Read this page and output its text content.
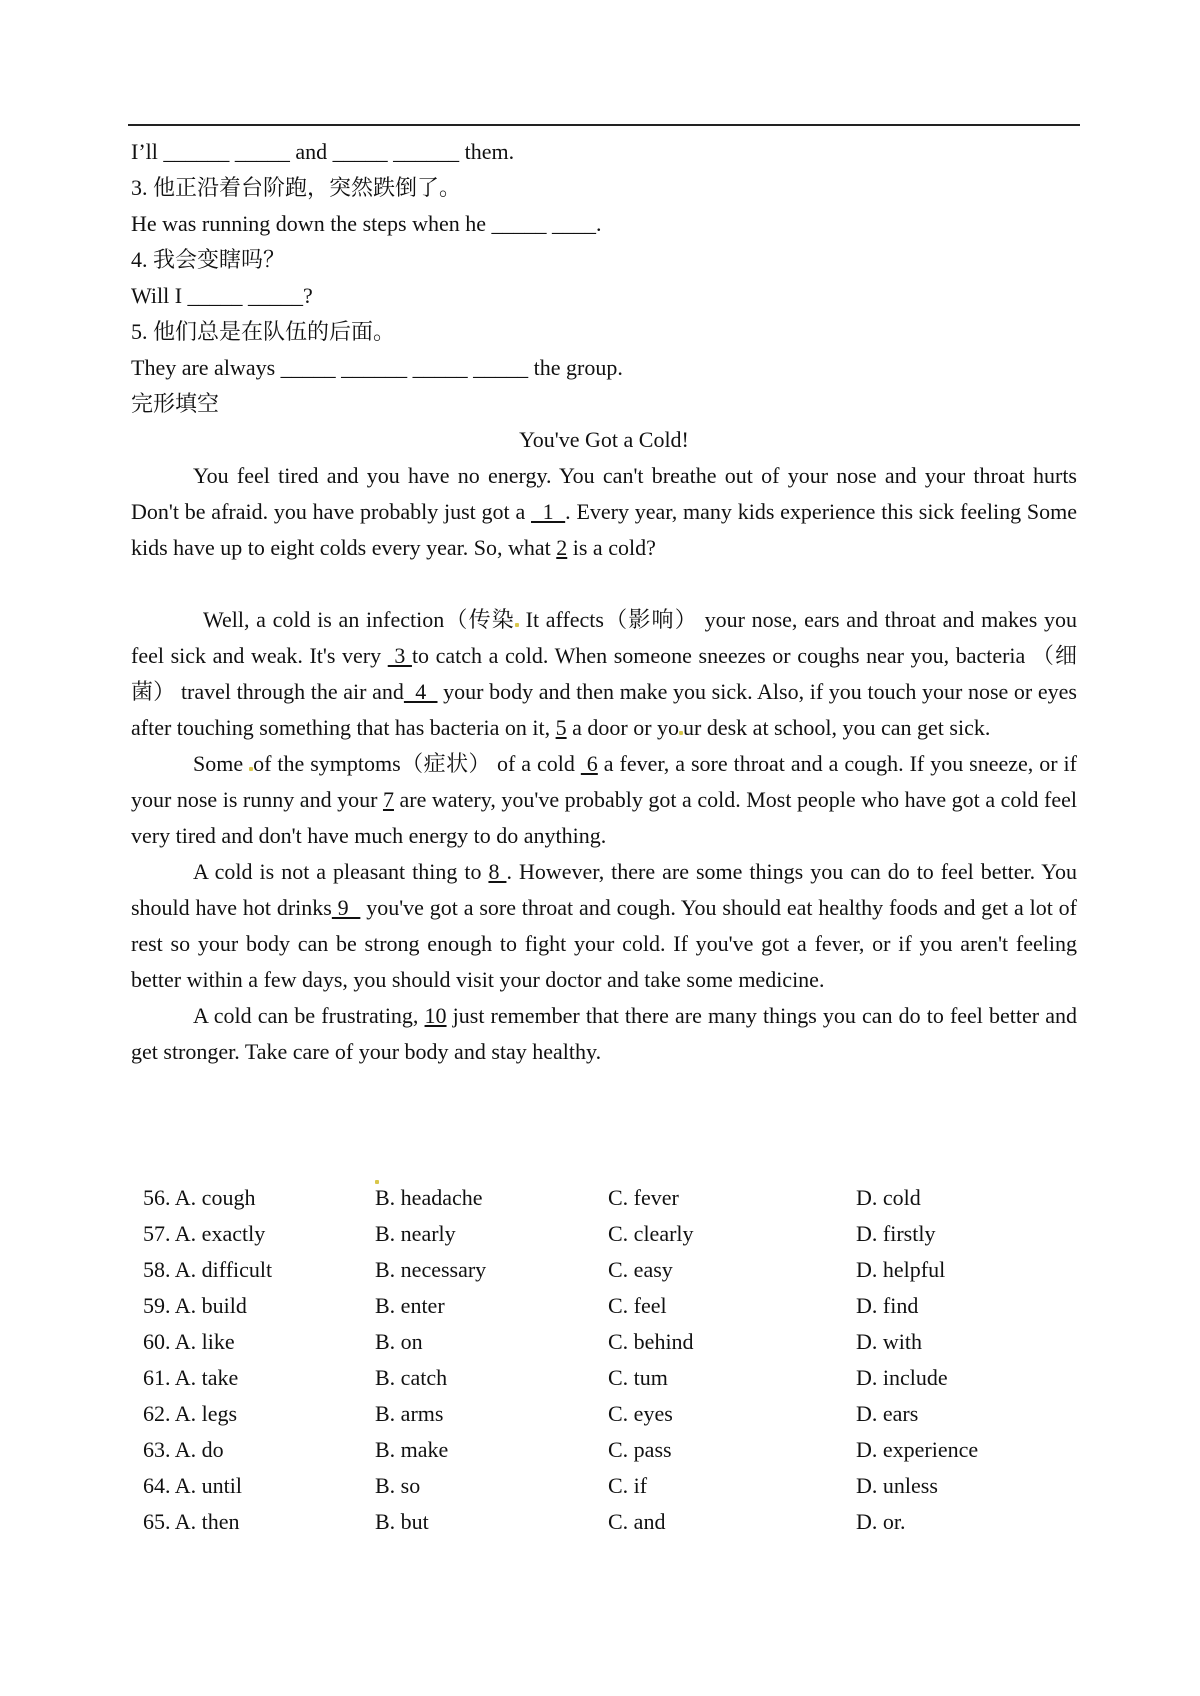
I’ll ______ _____ and _____ ______ them.
3. 他正沿着台阶跑，突然跌倒了。
He was running down the steps when he _____ ____.
4. 我会变瞎吗？
Will I _____ _____?
5. 他们总是在队伍的后面。
They are always _____ ______ _____ _____ the group.
完形填空
You've Got a Cold!

You feel tired and you have no energy. You can't breathe out of your nose and your throat hurts Don't be afraid. you have probably just got a   1  . Every year, many kids experience this sick feeling Some kids have up to eight colds every year. So, what 2 is a cold?

Well, a cold is an infection（传染 It affects（影响） your nose, ears and throat and makes you feel sick and weak. It's very  3 to catch a cold. When someone sneezes or coughs near you, bacteria （细菌） travel through the air and  4   your body and then make you sick. Also, if you touch your nose or eyes after touching something that has bacteria on it, 5 a door or yo ur desk at school, you can get sick.

Some of the symptoms（症状） of a cold  6 a fever, a sore throat and a cough. If you sneeze, or if your nose is runny and your 7 are watery, you've probably got a cold. Most people who have got a cold feel very tired and don't have much energy to do anything.

A cold is not a pleasant thing to 8 . However, there are some things you can do to feel better. You should have hot drinks 9   you've got a sore throat and cough. You should eat healthy foods and get a lot of rest so your body can be strong enough to fight your cold. If you've got a fever, or if you aren't feeling better within a few days, you should visit your doctor and take some medicine.

A cold can be frustrating, 10 just remember that there are many things you can do to feel better and get stronger. Take care of your body and stay healthy.

56. A. cough	B. headache	C. fever	D. cold
57. A. exactly	B. nearly	C. clearly	D. firstly
58. A. difficult	B. necessary	C. easy	D. helpful
59. A. build	B. enter	C. feel	D. find
60. A. like	B. on	C. behind	D. with
61. A. take	B. catch	C. tum	D. include
62. A. legs	B. arms	C. eyes	D. ears
63. A. do	B. make	C. pass	D. experience
64. A. until	B. so	C. if	D. unless
65. A. then	B. but	C. and	D. or.
